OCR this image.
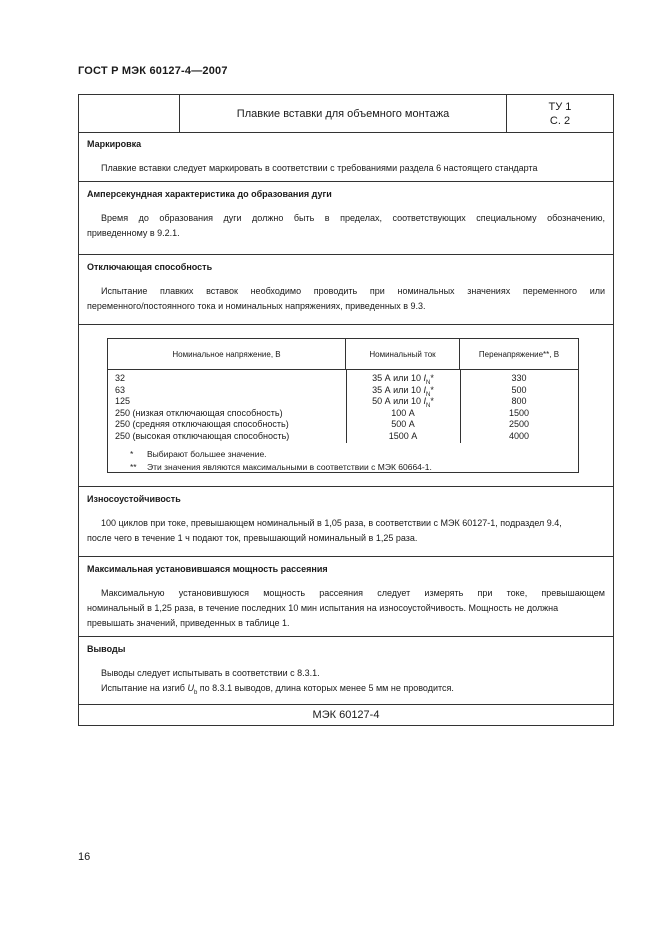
ГОСТ Р МЭК 60127-4—2007
Плавкие вставки для объемного монтажа
ТУ 1
С. 2
Маркировка
Плавкие вставки следует маркировать в соответствии с требованиями раздела 6 настоящего стандарта
Амперсекундная характеристика до образования дуги
Время до образования дуги должно быть в пределах, соответствующих специальному обозначению,
приведенному в 9.2.1.
Отключающая способность
Испытание плавких вставок необходимо проводить при номинальных значениях переменного или
переменного/постоянного тока и номинальных напряжениях, приведенных в 9.3.
Номинальное напряжение, В	Номинальный ток	Перенапряжение**, В
32	35 А или 10 $I_N*$	330
63	35 А или 10 $I_N*$	500
125	50 А или 10 $I_N*$	800
250 (низкая отключающая способность)	100 А	1500
250 (средняя отключающая способность)	500 А	2500
250 (высокая отключающая способность)	1500 А	4000
* Выбирают большее значение.
** Эти значения являются максимальными в соответствии с МЭК 60664-1.
Износоустойчивость
100 циклов при токе, превышающем номинальный в 1,05 раза, в соответствии с МЭК 60127-1, подраздел 9.4,
после чего в течение 1 ч подают ток, превышающий номинальный в 1,25 раза.
Максимальная установившаяся мощность рассеяния
Максимальную установившуюся мощность рассеяния следует измерять при токе, превышающем
номинальный в 1,25 раза, в течение последних 10 мин испытания на износоустойчивость. Мощность не должна
превышать значений, приведенных в таблице 1.
Выводы
Выводы следует испытывать в соответствии с 8.3.1.
Испытание на изгиб $U_b$ по 8.3.1 выводов, длина которых менее 5 мм не проводится.
МЭК 60127-4
16
